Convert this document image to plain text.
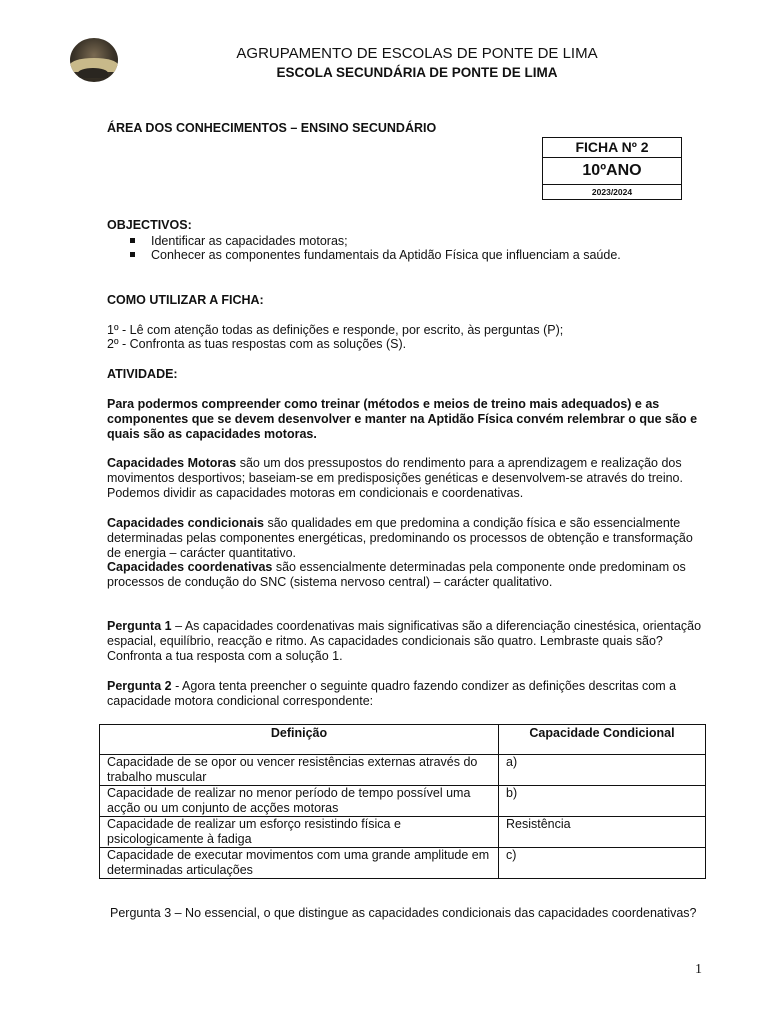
AGRUPAMENTO DE ESCOLAS DE PONTE DE LIMA
ESCOLA SECUNDÁRIA DE PONTE DE LIMA
ÁREA DOS CONHECIMENTOS – ENSINO SECUNDÁRIO
FICHA Nº 2
10ºANO
2023/2024
OBJECTIVOS:
Identificar as capacidades motoras;
Conhecer as componentes fundamentais da Aptidão Física que influenciam a saúde.
COMO UTILIZAR A FICHA:
1º - Lê com atenção todas as definições e responde, por escrito, às perguntas (P);
2º - Confronta as tuas respostas com as soluções (S).
ATIVIDADE:
Para podermos compreender como treinar (métodos e meios de treino mais adequados) e as componentes que se devem desenvolver e manter na Aptidão Física convém relembrar o que são e quais são as capacidades motoras.
Capacidades Motoras são um dos pressupostos do rendimento para a aprendizagem e realização dos movimentos desportivos; baseiam-se em predisposições genéticas e desenvolvem-se através do treino. Podemos dividir as capacidades motoras em condicionais e coordenativas.
Capacidades condicionais são qualidades em que predomina a condição física e são essencialmente determinadas pelas componentes energéticas, predominando os processos de obtenção e transformação de energia – carácter quantitativo.
Capacidades coordenativas são essencialmente determinadas pela componente onde predominam os processos de condução do SNC (sistema nervoso central) – carácter qualitativo.
Pergunta 1 – As capacidades coordenativas mais significativas são a diferenciação cinestésica, orientação espacial, equilíbrio, reacção e ritmo. As capacidades condicionais são quatro. Lembraste quais são? Confronta a tua resposta com a solução 1.
Pergunta 2 - Agora tenta preencher o seguinte quadro fazendo condizer as definições descritas com a capacidade motora condicional correspondente:
Definição	Capacidade Condicional
Capacidade de se opor ou vencer resistências externas através do trabalho muscular	a)
Capacidade de realizar no menor período de tempo possível uma acção ou um conjunto de acções motoras	b)
Capacidade de realizar um esforço resistindo física e psicologicamente à fadiga	Resistência
Capacidade de executar movimentos com uma grande amplitude em determinadas articulações	c)
Pergunta 3 – No essencial, o que distingue as capacidades condicionais das capacidades coordenativas?
1
